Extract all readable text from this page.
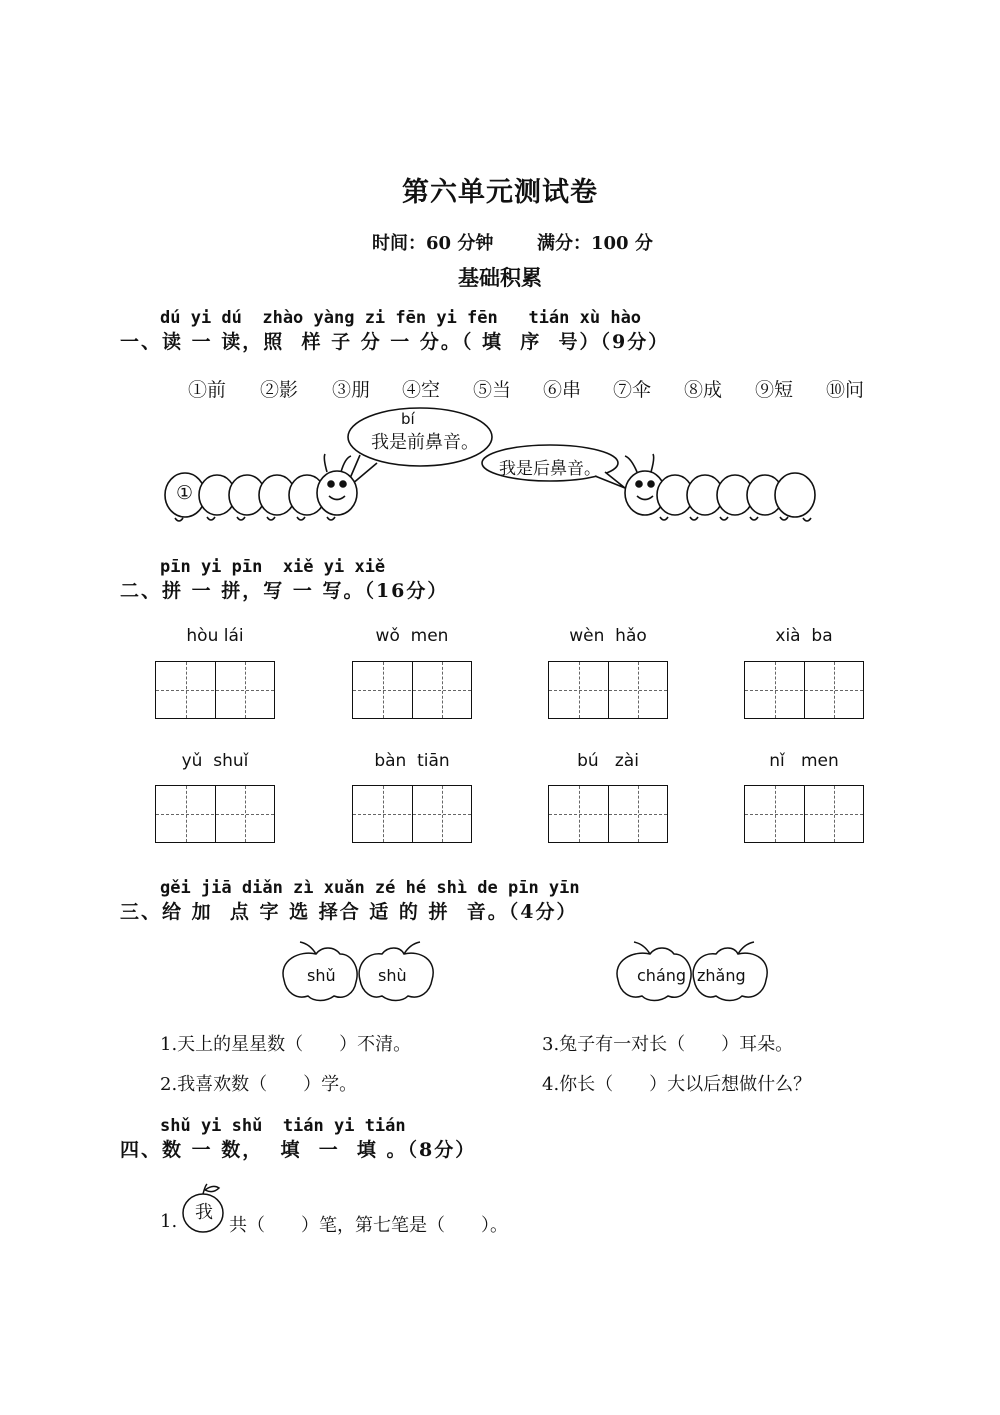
第六单元测试卷
时间：60 分钟 满分：100 分
基础积累
dú yi dú  zhào yàng zi fēn yi fēn   tián xù hào
一、读 一 读，照  样 子 分 一 分。（ 填  序  号）（9分）
①前 ②影 ③朋 ④空 ⑤当 ⑥串 ⑦伞 ⑧成 ⑨短 ⑩问
bí
我是前鼻音。
我是后鼻音。
①
pīn yi pīn  xiě yi xiě
二、拼 一 拼，写 一 写。（16分）
hòu lái	wǒ  men	wèn  hǎo	xià  ba
yǔ  shuǐ	bàn  tiān	bú   zài	nǐ   men
gěi jiā diǎn zì xuǎn zé hé shì de pīn yīn
三、给 加  点 字 选 择合 适 的 拼  音。（4分）
shǔ	shù	cháng zhǎng
1.天上的星星数（　　）不清。
2.我喜欢数（　　）学。
3.兔子有一对长（　　）耳朵。
4.你长（　　）大以后想做什么？
shǔ yi shǔ  tián yi tián
四、数 一 数，  填  一  填 。（8分）
1. 我
共（　　）笔，第七笔是（　　）。
